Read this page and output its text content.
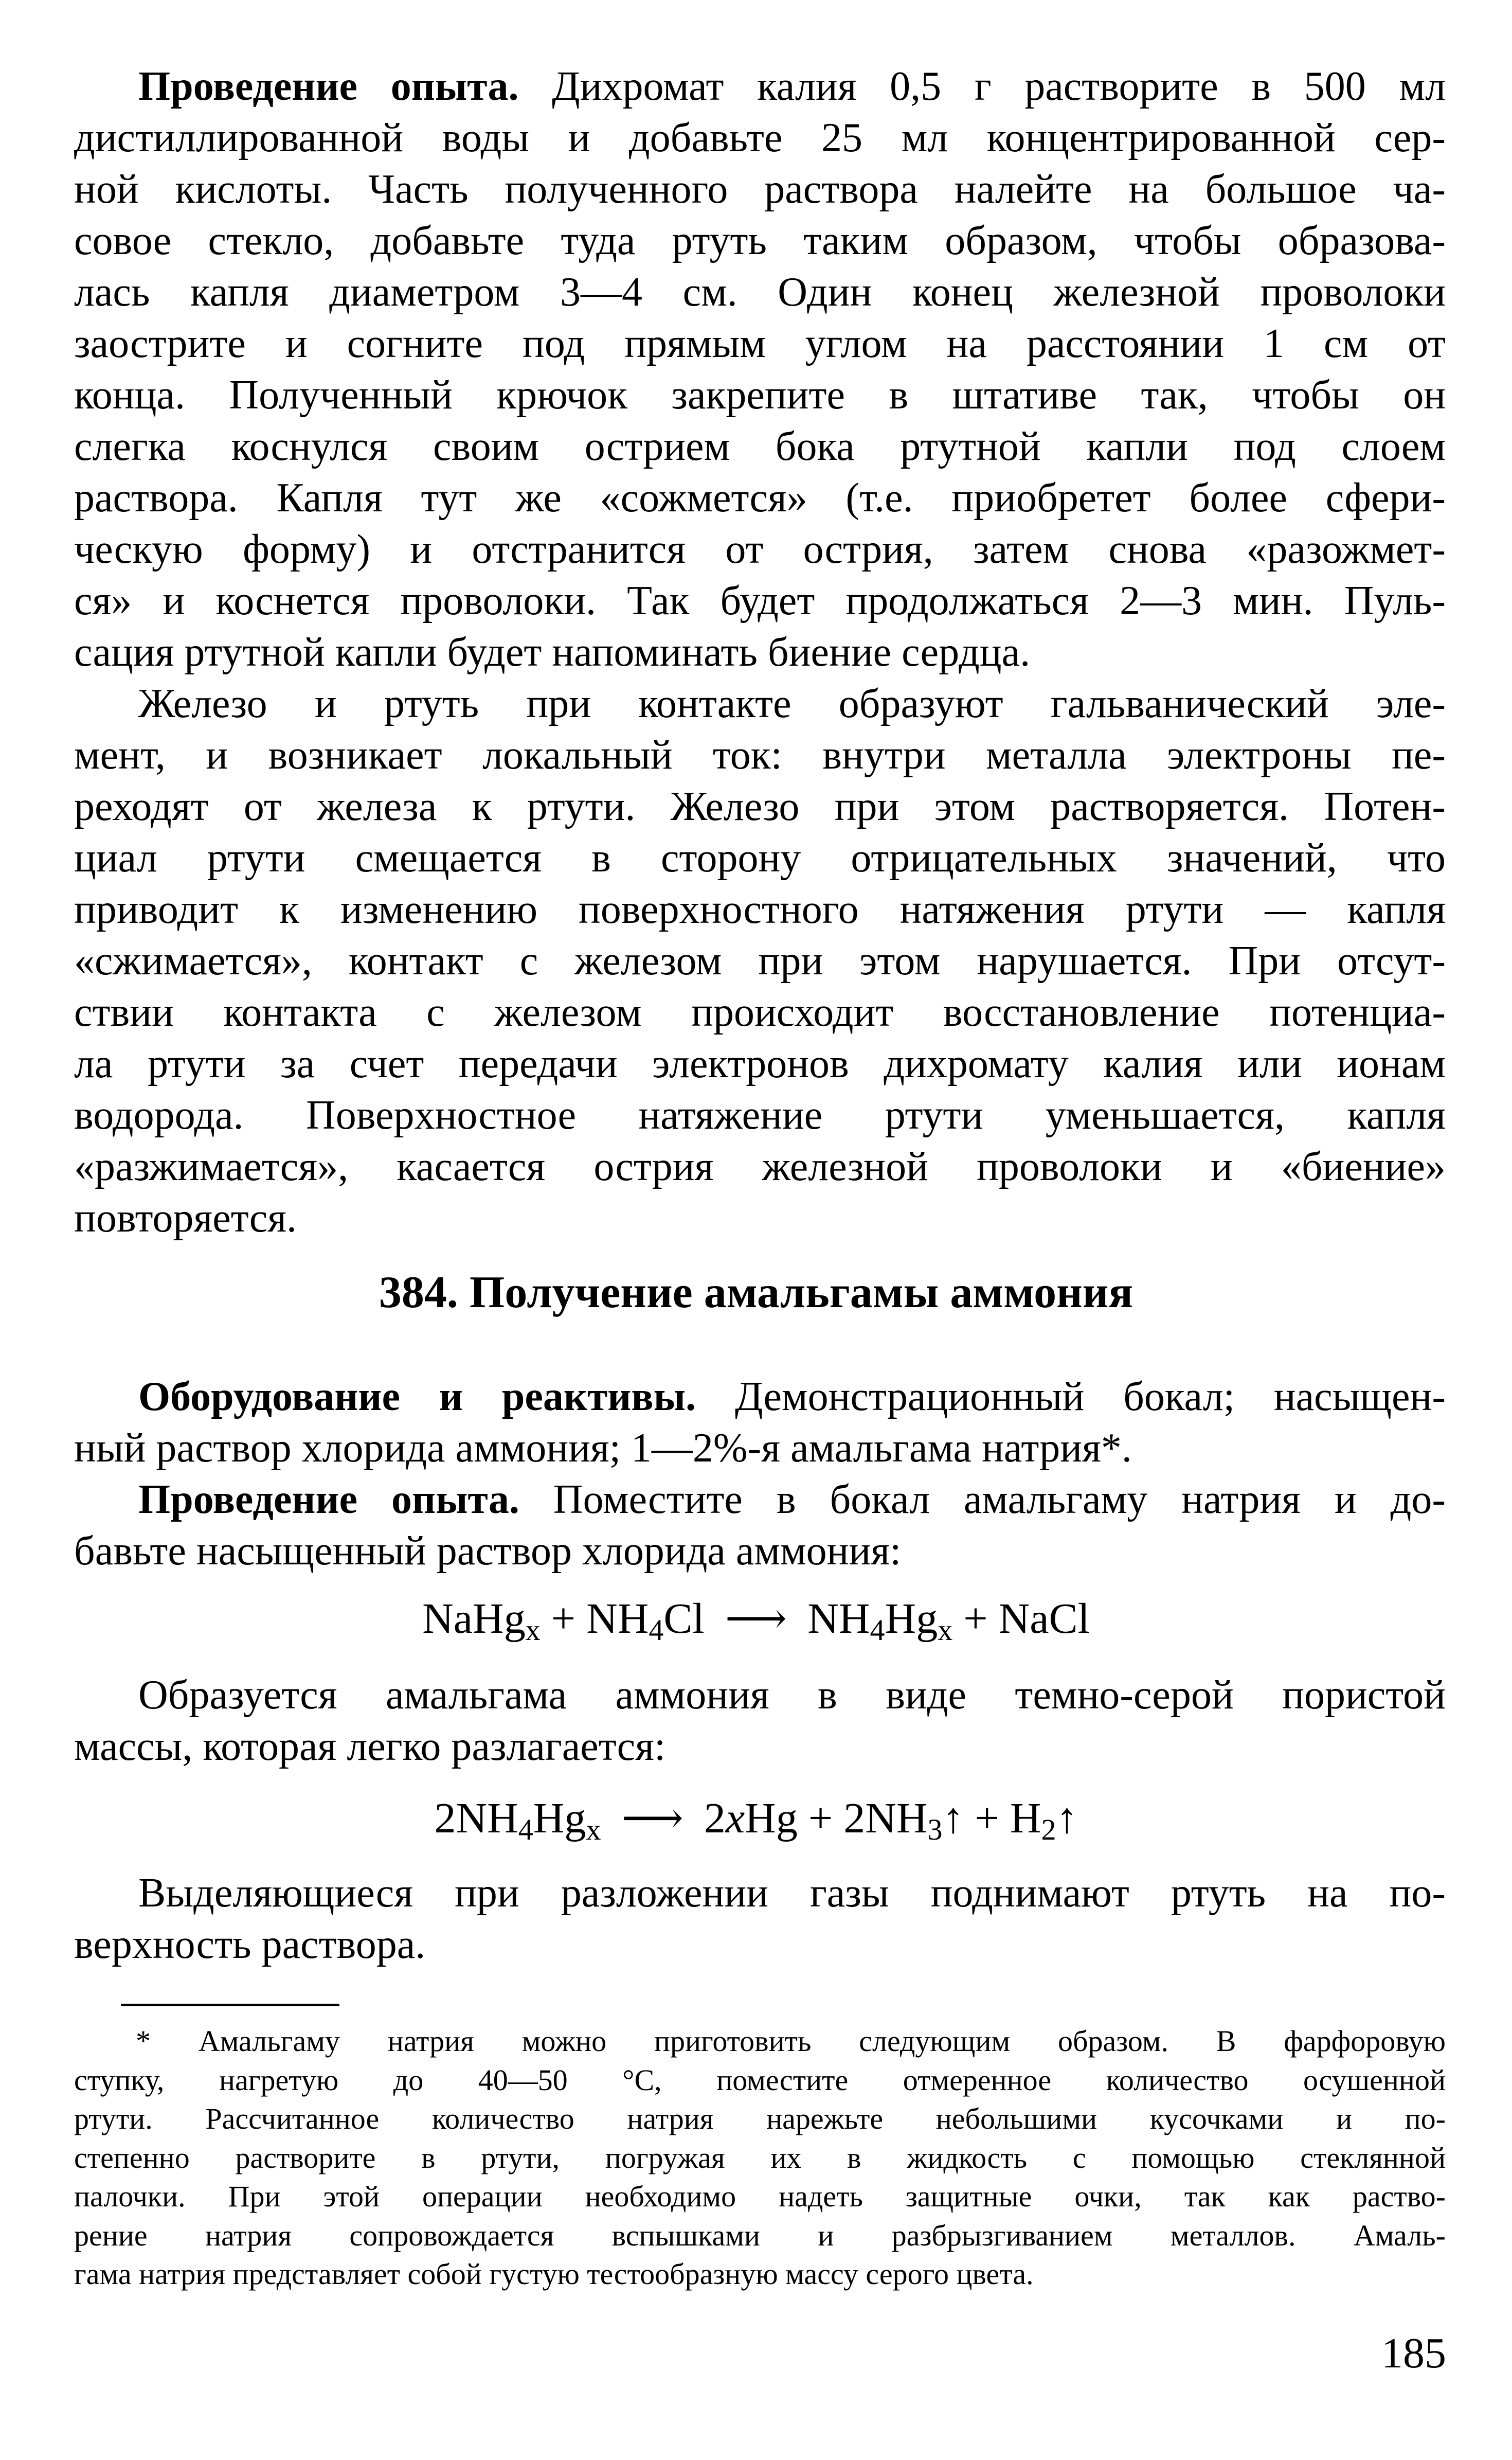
Проведение опыта. Дихромат калия 0,5 г растворите в 500 мл
дистиллированной воды и добавьте 25 мл концентрированной сер-
ной кислоты. Часть полученного раствора налейте на большое ча-
совое стекло, добавьте туда ртуть таким образом, чтобы образова-
лась капля диаметром 3—4 см. Один конец железной проволоки
заострите и согните под прямым углом на расстоянии 1 см от
конца. Полученный крючок закрепите в штативе так, чтобы он
слегка коснулся своим острием бока ртутной капли под слоем
раствора. Капля тут же «сожмется» (т.е. приобретет более сфери-
ческую форму) и отстранится от острия, затем снова «разожмет-
ся» и коснется проволоки. Так будет продолжаться 2—3 мин. Пуль-
сация ртутной капли будет напоминать биение сердца.
Железо и ртуть при контакте образуют гальванический эле-
мент, и возникает локальный ток: внутри металла электроны пе-
реходят от железа к ртути. Железо при этом растворяется. Потен-
циал ртути смещается в сторону отрицательных значений, что
приводит к изменению поверхностного натяжения ртути — капля
«сжимается», контакт с железом при этом нарушается. При отсут-
ствии контакта с железом происходит восстановление потенциа-
ла ртути за счет передачи электронов дихромату калия или ионам
водорода. Поверхностное натяжение ртути уменьшается, капля
«разжимается», касается острия железной проволоки и «биение»
повторяется.
384. Получение амальгамы аммония
Оборудование и реактивы. Демонстрационный бокал; насыщен-
ный раствор хлорида аммония; 1—2%-я амальгама натрия*.
Проведение опыта. Поместите в бокал амальгаму натрия и до-
бавьте насыщенный раствор хлорида аммония:
NaHg$_x$ + $NH_4Cl$ ⟶ $NH_4Hg_x$ + NaCl
Образуется амальгама аммония в виде темно-серой пористой
массы, которая легко разлагается:
$2NH_4Hg_x$ ⟶ $2xHg + 2NH_3↑$ + $H_2↑$
Выделяющиеся при разложении газы поднимают ртуть на по-
верхность раствора.
* Амальгаму натрия можно приготовить следующим образом. В фарфоровую
ступку, нагретую до 40—50 °С, поместите отмеренное количество осушенной
ртути. Рассчитанное количество натрия нарежьте небольшими кусочками и по-
степенно растворите в ртути, погружая их в жидкость с помощью стеклянной
палочки. При этой операции необходимо надеть защитные очки, так как раство-
рение натрия сопровождается вспышками и разбрызгиванием металлов. Амаль-
гама натрия представляет собой густую тестообразную массу серого цвета.
185
